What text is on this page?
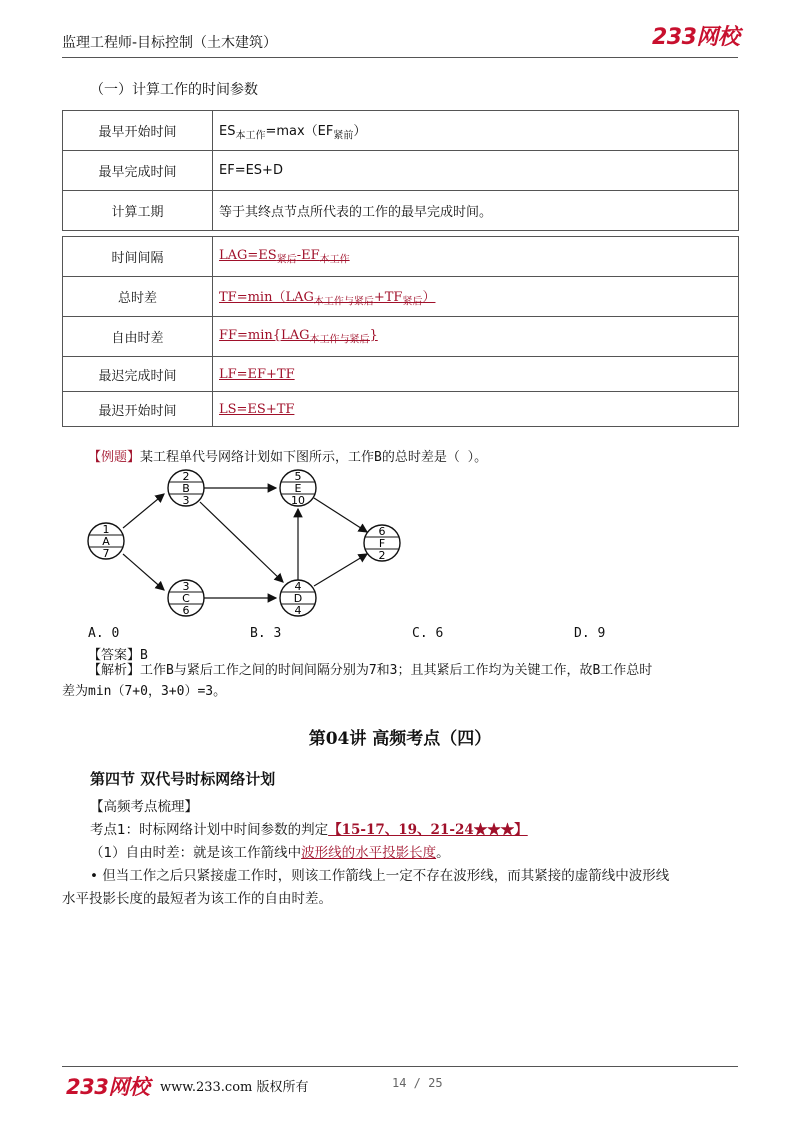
监理工程师-目标控制（土木建筑）	233网校
（一）计算工作的时间参数
最早开始时间	$ES_{本工作}=\max(EF_{紧前})$
最早完成时间	EF=ES+D
计算工期	等于其终点节点所代表的工作的最早完成时间。
时间间隔	$LAG=ES_{紧后}-EF_{本工作}$
总时差	$TF=\min(LAG_{本工作与紧后}+TF_{紧后})$
自由时差	$FF=\min\{LAG_{本工作与紧后}\}$
最迟完成时间	LF=EF+TF
最迟开始时间	LS=ES+TF
【例题】某工程单代号网络计划如下图所示，工作B的总时差是（ ）。
1
A
7
2
B
3
3
C
6
4
D
4
5
E
10
6
F
2
A. 0	B. 3	C. 6	D. 9
【答案】B
【解析】工作B与紧后工作之间的时间间隔分别为7和3；且其紧后工作均为关键工作，故B工作总时
差为min（7+0，3+0）=3。
第04讲 高频考点（四）
第四节 双代号时标网络计划
【高频考点梳理】
考点1：时标网络计划中时间参数的判定【15-17、19、21-24★★★】
（1）自由时差：就是该工作箭线中波形线的水平投影长度。
• 但当工作之后只紧接虚工作时，则该工作箭线上一定不存在波形线，而其紧接的虚箭线中波形线
水平投影长度的最短者为该工作的自由时差。
233网校 www.233.com 版权所有	14 / 25
